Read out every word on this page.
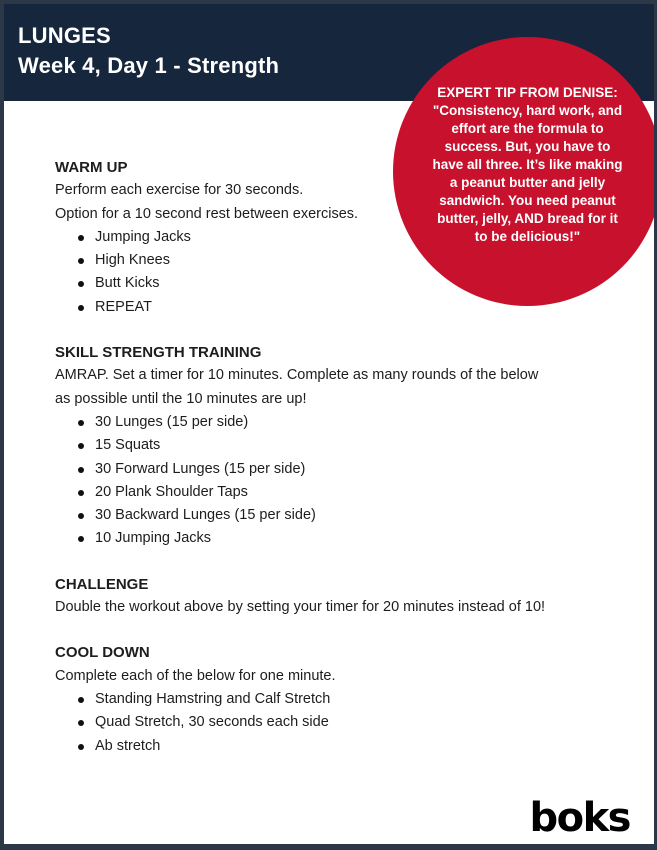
LUNGES
Week 4, Day 1 - Strength
EXPERT TIP FROM DENISE:
"Consistency, hard work, and
effort are the formula to
success. But, you have to
have all three. It’s like making
a peanut butter and jelly
sandwich. You need peanut
butter, jelly, AND bread for it
to be delicious!"
WARM UP

Perform each exercise for 30 seconds.
Option for a 10 second rest between exercises.

Jumping Jacks
High Knees
Butt Kicks
REPEAT
SKILL STRENGTH TRAINING

AMRAP. Set a timer for 10 minutes. Complete as many rounds of the below
as possible until the 10 minutes are up!

30 Lunges (15 per side)
15 Squats
30 Forward Lunges (15 per side)
20 Plank Shoulder Taps
30 Backward Lunges (15 per side)
10 Jumping Jacks
CHALLENGE

Double the workout above by setting your timer for 20 minutes instead of 10!

COOL DOWN

Complete each of the below for one minute.

Standing Hamstring and Calf Stretch
Quad Stretch, 30 seconds each side
Ab stretch
boks
